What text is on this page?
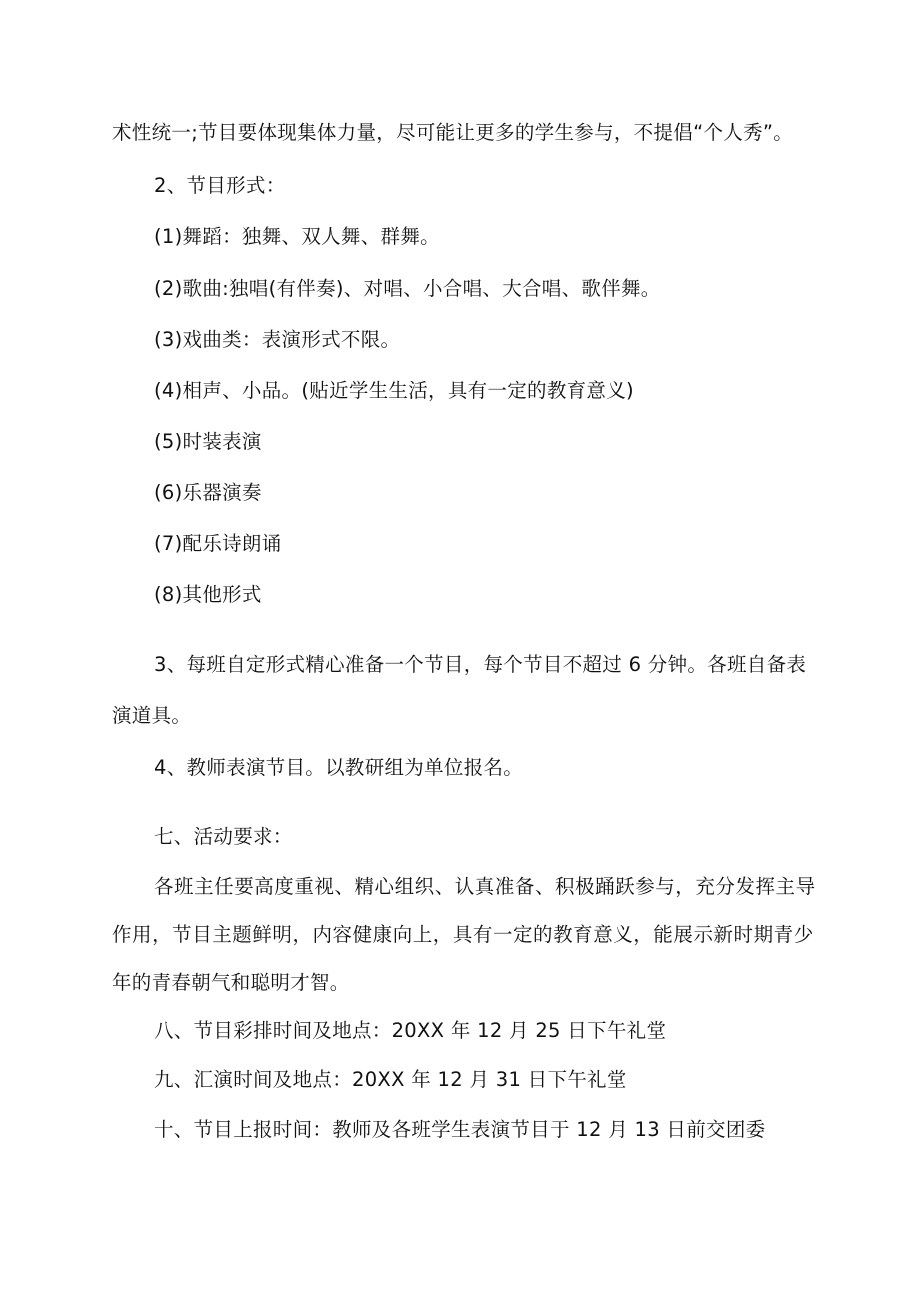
术性统一;节目要体现集体力量，尽可能让更多的学生参与，不提倡“个人秀”。
2、节目形式：
(1)舞蹈：独舞、双人舞、群舞。
(2)歌曲:独唱(有伴奏)、对唱、小合唱、大合唱、歌伴舞。
(3)戏曲类：表演形式不限。
(4)相声、小品。(贴近学生生活，具有一定的教育意义)
(5)时装表演
(6)乐器演奏
(7)配乐诗朗诵
(8)其他形式
3、每班自定形式精心准备一个节目，每个节目不超过 6 分钟。各班自备表
演道具。
4、教师表演节目。以教研组为单位报名。
七、活动要求：
各班主任要高度重视、精心组织、认真准备、积极踊跃参与，充分发挥主导
作用，节目主题鲜明，内容健康向上，具有一定的教育意义，能展示新时期青少
年的青春朝气和聪明才智。
八、节目彩排时间及地点：20XX 年 12 月 25 日下午礼堂
九、汇演时间及地点：20XX 年 12 月 31 日下午礼堂
十、节目上报时间：教师及各班学生表演节目于 12 月 13 日前交团委
